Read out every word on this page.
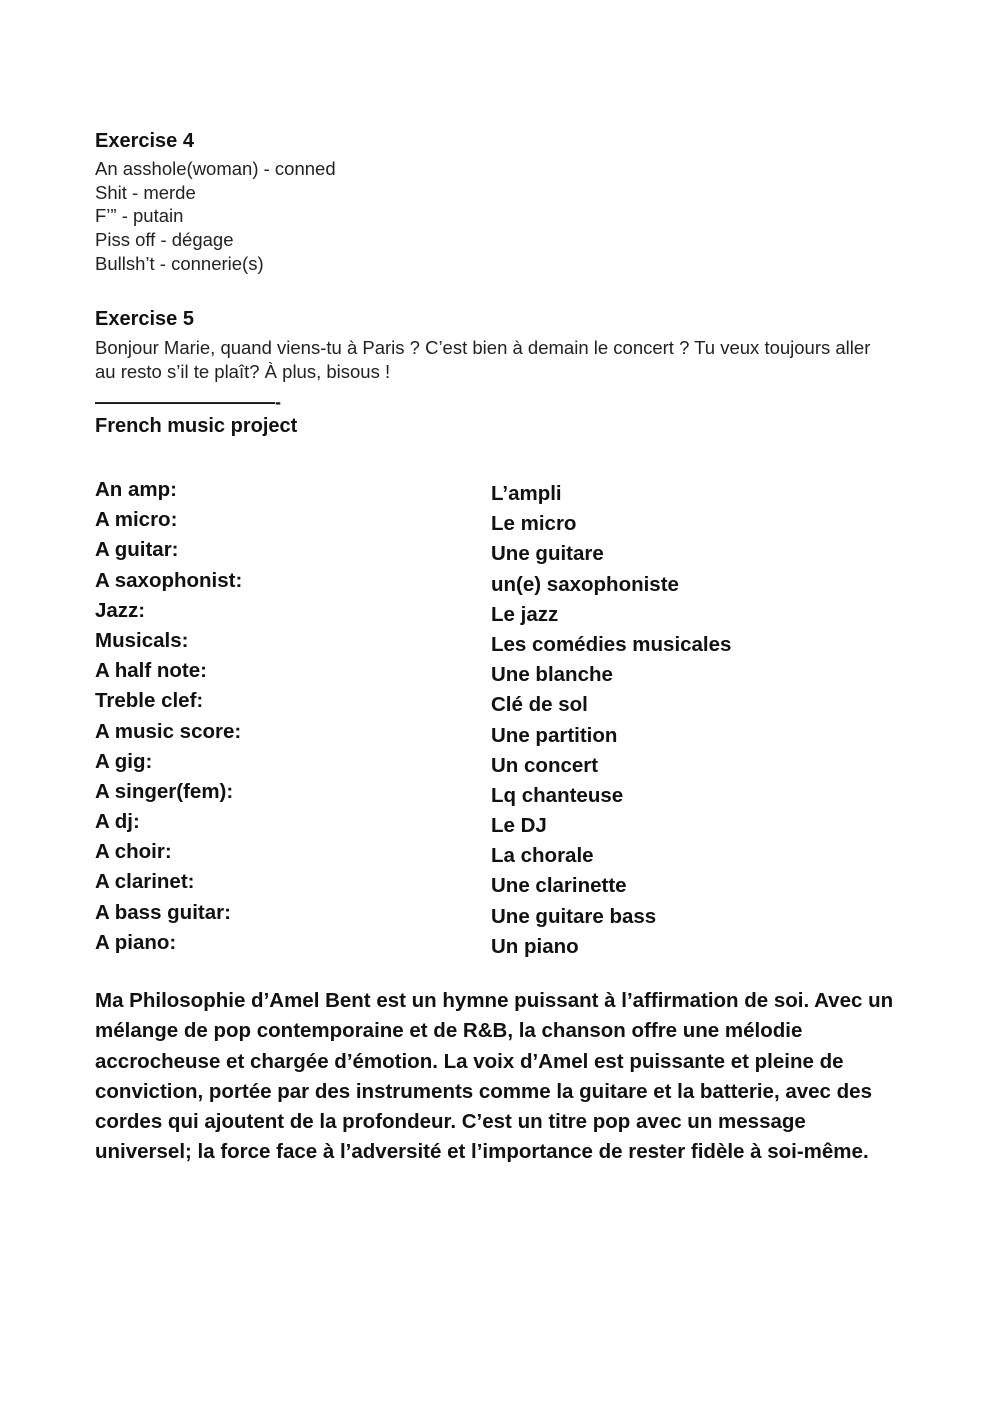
Exercise 4
An asshole(woman) - conned
Shit - merde
F’” - putain
Piss off - dégage
Bullsh’t - connerie(s)
Exercise 5

Bonjour Marie, quand viens-tu à Paris ? C’est bien à demain le concert ? Tu veux toujours aller au resto s’il te plaît? À plus, bisous !

——————————-
French music project
An amp:
A micro:
A guitar:
A saxophonist:
Jazz:
Musicals:
A half note:
Treble clef:
A music score:
A gig:
A singer(fem):
A dj:
A choir:
A clarinet:
A bass guitar:
A piano:
L’ampli
Le micro
Une guitare
un(e) saxophoniste
Le jazz
Les comédies musicales
Une blanche
Clé de sol
Une partition
Un concert
Lq chanteuse
Le DJ
La chorale
Une clarinette
Une guitare bass
Un piano

Ma Philosophie d’Amel Bent est un hymne puissant à l’affirmation de soi. Avec un mélange de pop contemporaine et de R&B, la chanson offre une mélodie accrocheuse et chargée d’émotion. La voix d’Amel est puissante et pleine de conviction, portée par des instruments comme la guitare et la batterie, avec des cordes qui ajoutent de la profondeur. C’est un titre pop avec un message universel; la force face à l’adversité et l’importance de rester fidèle à soi-même.
